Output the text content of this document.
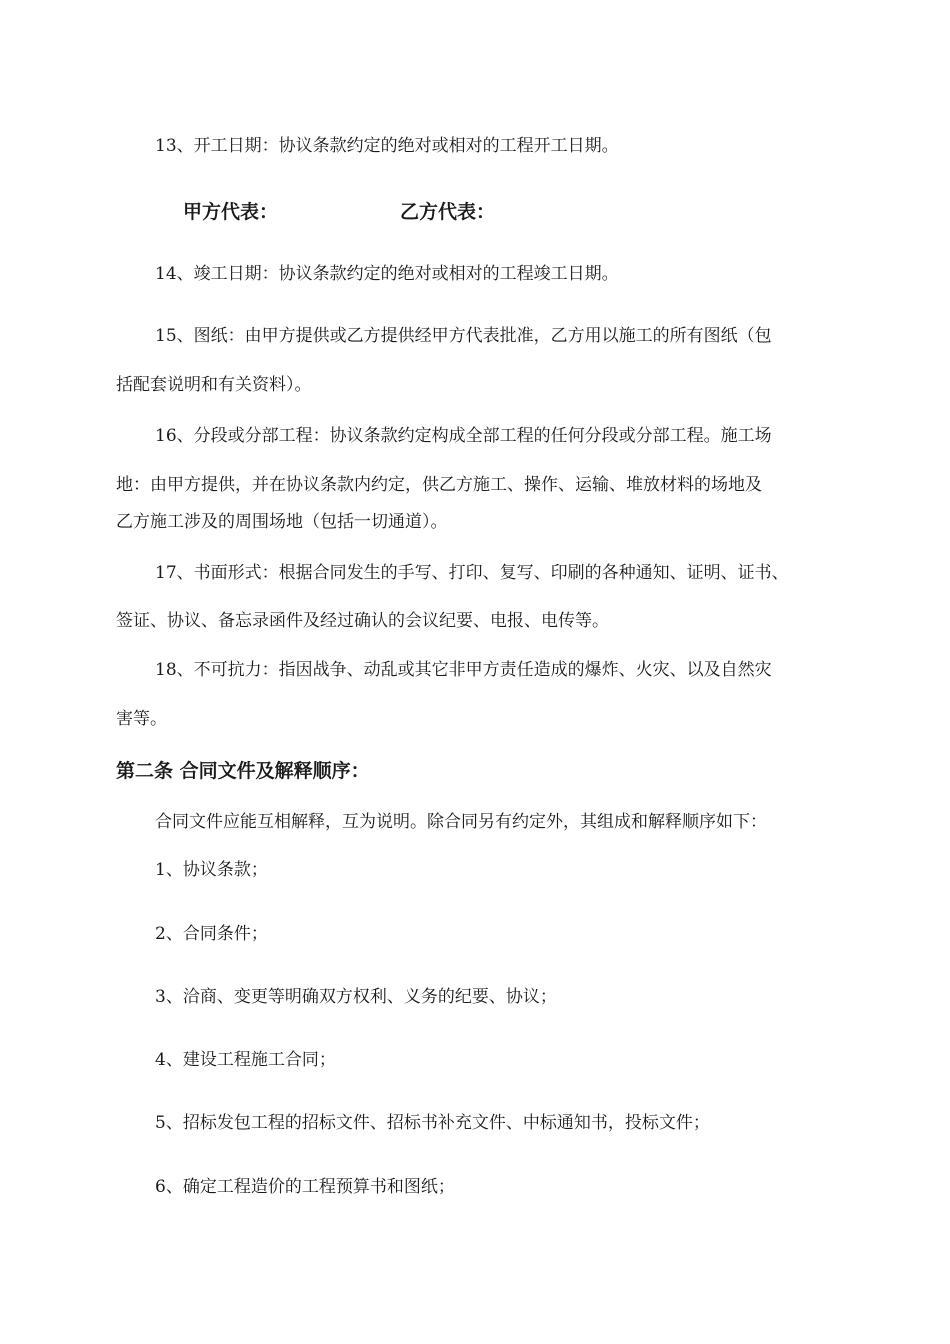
13、开工日期：协议条款约定的绝对或相对的工程开工日期。
甲方代表：	乙方代表：
14、竣工日期：协议条款约定的绝对或相对的工程竣工日期。
15、图纸：由甲方提供或乙方提供经甲方代表批准，乙方用以施工的所有图纸（包
括配套说明和有关资料）。
16、分段或分部工程：协议条款约定构成全部工程的任何分段或分部工程。施工场
地：由甲方提供，并在协议条款内约定，供乙方施工、操作、运输、堆放材料的场地及
乙方施工涉及的周围场地（包括一切通道）。
17、书面形式：根据合同发生的手写、打印、复写、印刷的各种通知、证明、证书、
签证、协议、备忘录函件及经过确认的会议纪要、电报、电传等。
18、不可抗力：指因战争、动乱或其它非甲方责任造成的爆炸、火灾、以及自然灾
害等。
第二条 合同文件及解释顺序：
合同文件应能互相解释，互为说明。除合同另有约定外，其组成和解释顺序如下：
1、协议条款；
2、合同条件；
3、洽商、变更等明确双方权利、义务的纪要、协议；
4、建设工程施工合同；
5、招标发包工程的招标文件、招标书补充文件、中标通知书，投标文件；
6、确定工程造价的工程预算书和图纸；
